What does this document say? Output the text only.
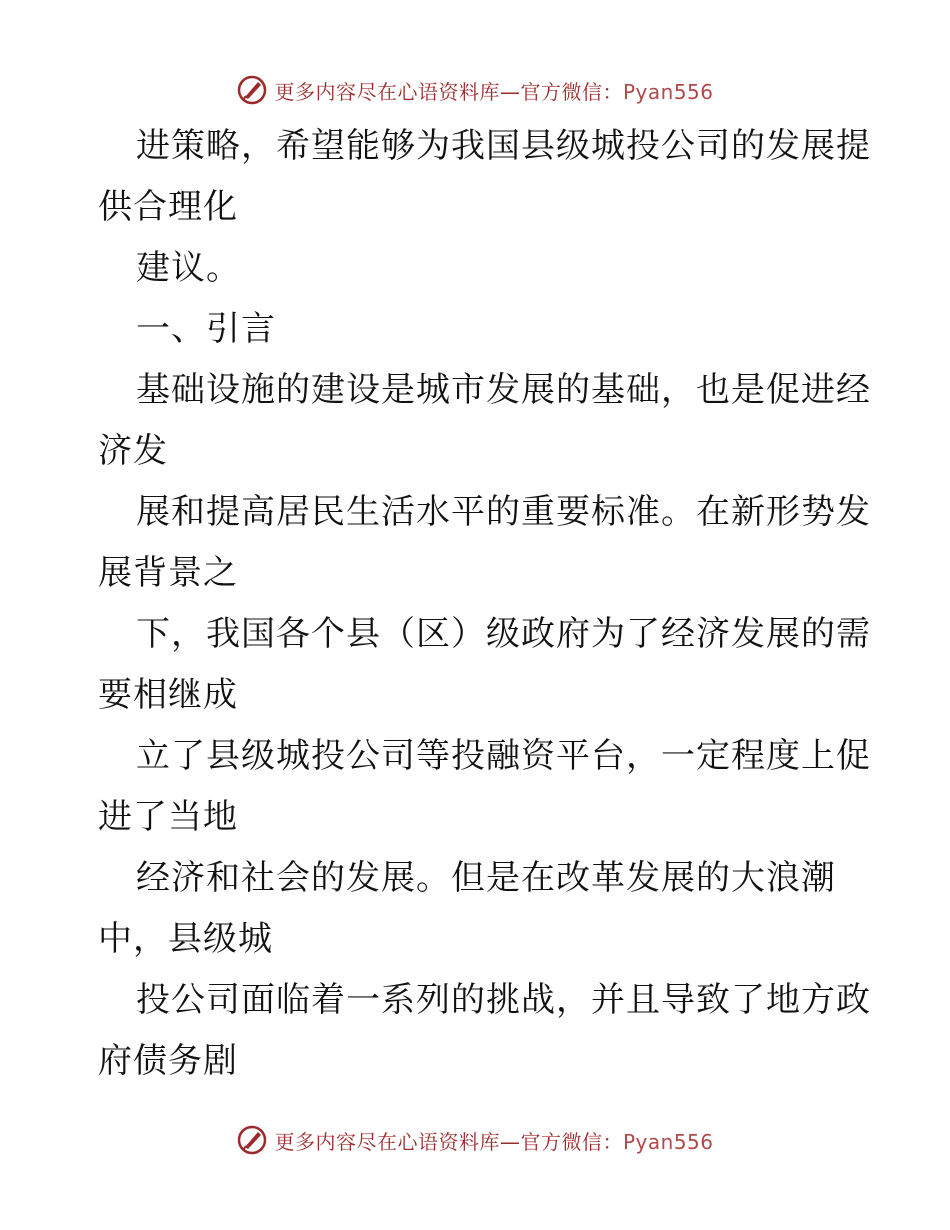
更多内容尽在心语资料库—官方微信：Pyan556
进策略，希望能够为我国县级城投公司的发展提
供合理化
建议。
一、引言
基础设施的建设是城市发展的基础，也是促进经
济发
展和提高居民生活水平的重要标准。在新形势发
展背景之
下，我国各个县（区）级政府为了经济发展的需
要相继成
立了县级城投公司等投融资平台，一定程度上促
进了当地
经济和社会的发展。但是在改革发展的大浪潮
中，县级城
投公司面临着一系列的挑战，并且导致了地方政
府债务剧
更多内容尽在心语资料库—官方微信：Pyan556
